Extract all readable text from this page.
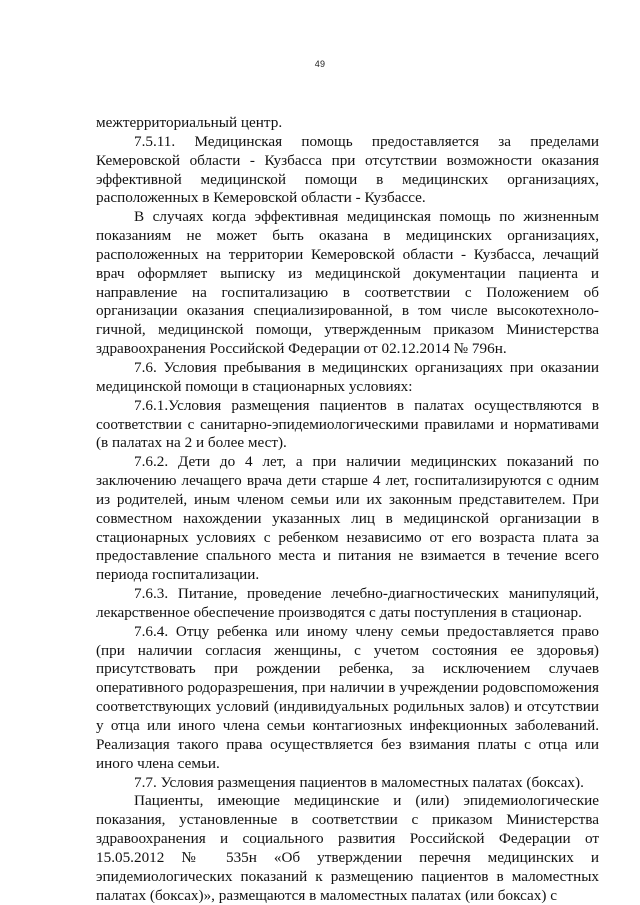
49

межтерриториальный центр.

7.5.11. Медицинская помощь предоставляется за пределами Кемеровской области - Кузбасса при отсутствии возможности оказания эффективной медицинской помощи в медицинских организациях, расположенных в Кемеровской области - Кузбассе.

В случаях когда эффективная медицинская помощь по жизненным показаниям не может быть оказана в медицинских организациях, расположенных на территории Кемеровской области - Кузбасса, лечащий врач оформляет выписку из медицинской документации пациента и направление на госпитализацию в соответствии с Положением об организации оказания специализированной, в том числе высокотехноло-гичной, медицинской помощи, утвержденным приказом Министерства здравоохранения Российской Федерации от 02.12.2014 № 796н.

7.6. Условия пребывания в медицинских организациях при оказании медицинской помощи в стационарных условиях:

7.6.1.Условия размещения пациентов в палатах осуществляются в соответствии с санитарно-эпидемиологическими правилами и нормативами (в палатах на 2 и более мест).

7.6.2. Дети до 4 лет, а при наличии медицинских показаний по заключению лечащего врача дети старше 4 лет, госпитализируются с одним из родителей, иным членом семьи или их законным представителем. При совместном нахождении указанных лиц в медицинской организации в стационарных условиях с ребенком независимо от его возраста плата за предоставление спального места и питания не взимается в течение всего периода госпитализации.

7.6.3. Питание, проведение лечебно-диагностических манипуляций, лекарственное обеспечение производятся с даты поступления в стационар.

7.6.4. Отцу ребенка или иному члену семьи предоставляется право (при наличии согласия женщины, с учетом состояния ее здоровья) присутствовать при рождении ребенка, за исключением случаев оперативного родоразрешения, при наличии в учреждении родовспоможения соответствующих условий (индивидуальных родильных залов) и отсутствии у отца или иного члена семьи контагиозных инфекционных заболеваний. Реализация такого права осуществляется без взимания платы с отца или иного члена семьи.

7.7. Условия размещения пациентов в маломестных палатах (боксах).

Пациенты, имеющие медицинские и (или) эпидемиологические показания, установленные в соответствии с приказом Министерства здравоохранения и социального развития Российской Федерации от 15.05.2012 № 535н «Об утверждении перечня медицинских и эпидемиологических показаний к размещению пациентов в маломестных палатах (боксах)», размещаются в маломестных палатах (или боксах) с
